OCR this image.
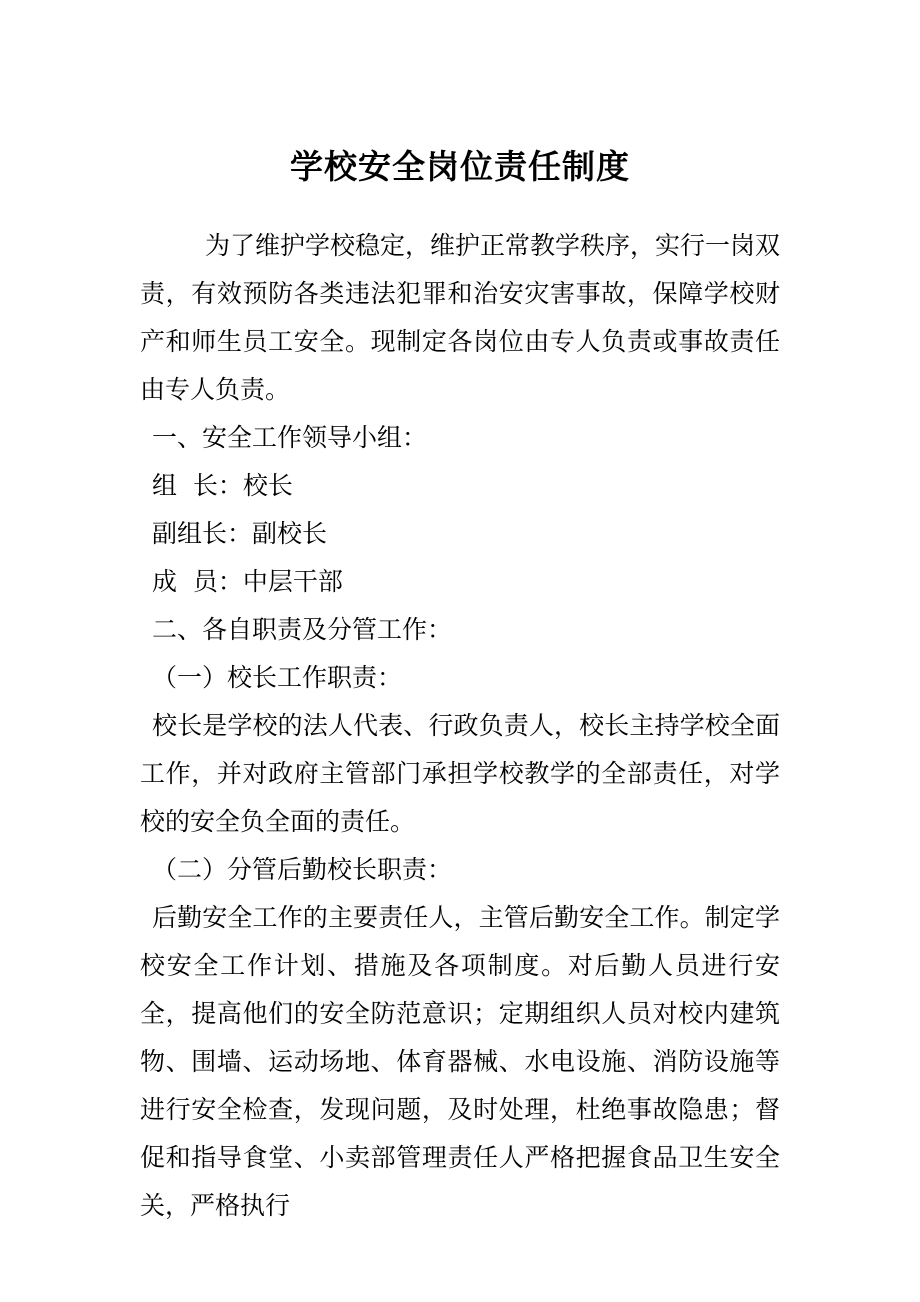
学校安全岗位责任制度

为了维护学校稳定，维护正常教学秩序，实行一岗双责，有效预防各类违法犯罪和治安灾害事故，保障学校财产和师生员工安全。现制定各岗位由专人负责或事故责任由专人负责。

一、安全工作领导小组：

组  长：校长

副组长：副校长

成  员：中层干部

二、各自职责及分管工作：

（一）校长工作职责：

校长是学校的法人代表、行政负责人，校长主持学校全面工作，并对政府主管部门承担学校教学的全部责任，对学校的安全负全面的责任。

（二）分管后勤校长职责：

后勤安全工作的主要责任人，主管后勤安全工作。制定学校安全工作计划、措施及各项制度。对后勤人员进行安全，提高他们的安全防范意识；定期组织人员对校内建筑物、围墙、运动场地、体育器械、水电设施、消防设施等进行安全检查，发现问题，及时处理，杜绝事故隐患；督促和指导食堂、小卖部管理责任人严格把握食品卫生安全关，严格执行
